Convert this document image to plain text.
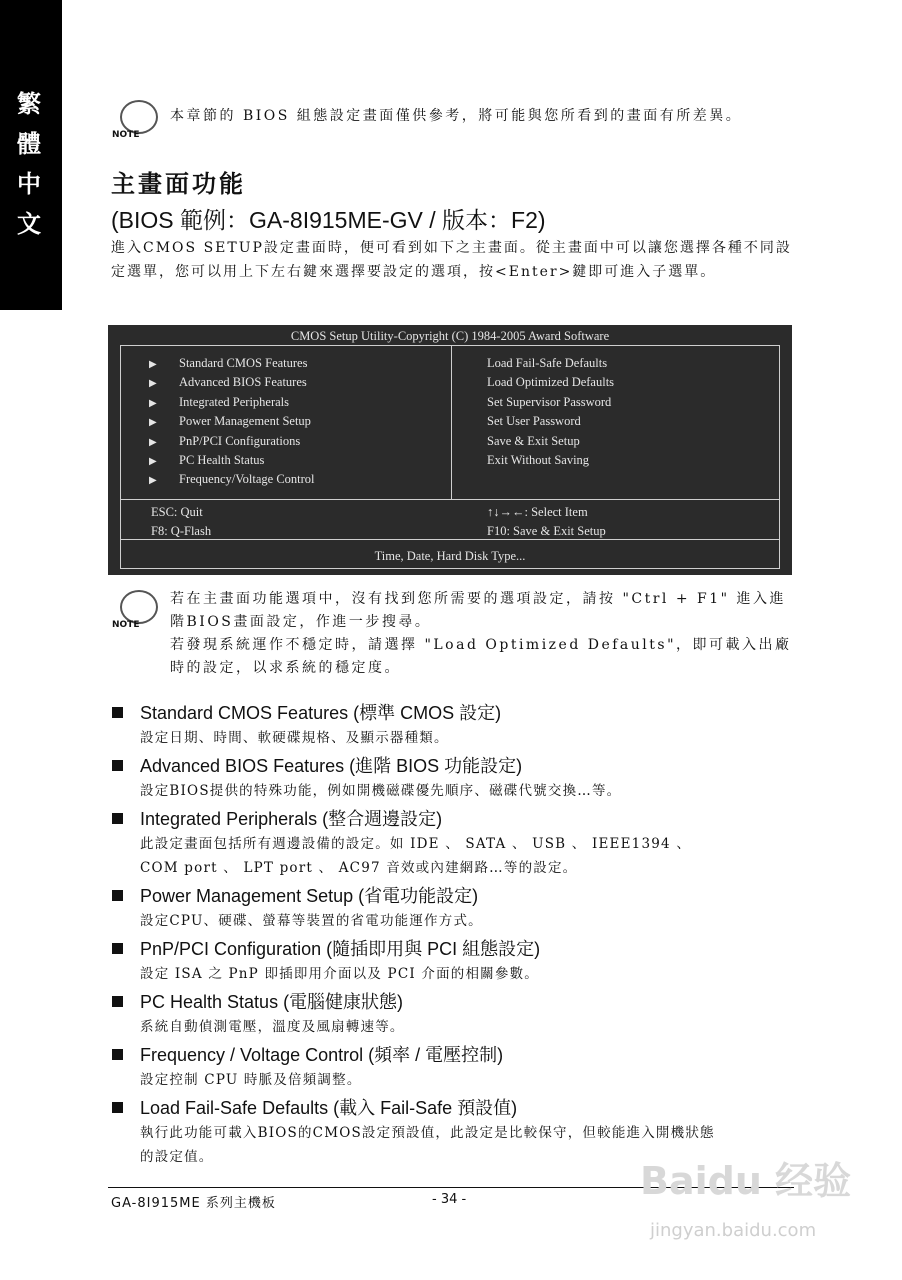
繁
體
中
文
NOTE
本章節的 BIOS 組態設定畫面僅供參考，將可能與您所看到的畫面有所差異。
主畫面功能
(BIOS 範例：GA-8I915ME-GV / 版本：F2)
進入CMOS SETUP設定畫面時，便可看到如下之主畫面。從主畫面中可以讓您選擇各種不同設定選單，您可以用上下左右鍵來選擇要設定的選項，按<Enter>鍵即可進入子選單。
CMOS Setup Utility-Copyright (C) 1984-2005 Award Software
▶ Standard CMOS Features
▶ Advanced BIOS Features
▶ Integrated Peripherals
▶ Power Management Setup
▶ PnP/PCI Configurations
▶ PC Health Status
▶ Frequency/Voltage Control
Load Fail-Safe Defaults
Load Optimized Defaults
Set Supervisor Password
Set User Password
Save & Exit Setup
Exit Without Saving
ESC: Quit	↑↓→←: Select Item
F8: Q-Flash	F10: Save & Exit Setup
Time, Date, Hard Disk Type...
NOTE
若在主畫面功能選項中，沒有找到您所需要的選項設定，請按 "Ctrl + F1" 進入進階BIOS畫面設定，作進一步搜尋。
若發現系統運作不穩定時，請選擇 "Load Optimized Defaults"，即可載入出廠時的設定，以求系統的穩定度。
Standard CMOS Features (標準 CMOS 設定)
設定日期、時間、軟硬碟規格、及顯示器種類。
Advanced BIOS Features (進階 BIOS 功能設定)
設定BIOS提供的特殊功能，例如開機磁碟優先順序、磁碟代號交換…等。
Integrated Peripherals (整合週邊設定)
此設定畫面包括所有週邊設備的設定。如 IDE 、 SATA 、 USB 、 IEEE1394 、 COM port 、 LPT port 、 AC97 音效或內建網路…等的設定。
Power Management Setup (省電功能設定)
設定CPU、硬碟、螢幕等裝置的省電功能運作方式。
PnP/PCI Configuration (隨插即用與 PCI 組態設定)
設定 ISA 之 PnP 即插即用介面以及 PCI 介面的相關參數。
PC Health Status (電腦健康狀態)
系統自動偵測電壓，溫度及風扇轉速等。
Frequency / Voltage Control (頻率 / 電壓控制)
設定控制 CPU 時脈及倍頻調整。
Load Fail-Safe Defaults (載入 Fail-Safe 預設值)
執行此功能可載入BIOS的CMOS設定預設值，此設定是比較保守，但較能進入開機狀態的設定值。
GA-8I915ME 系列主機板	- 34 -	Baidu 经验
jingyan.baidu.com
